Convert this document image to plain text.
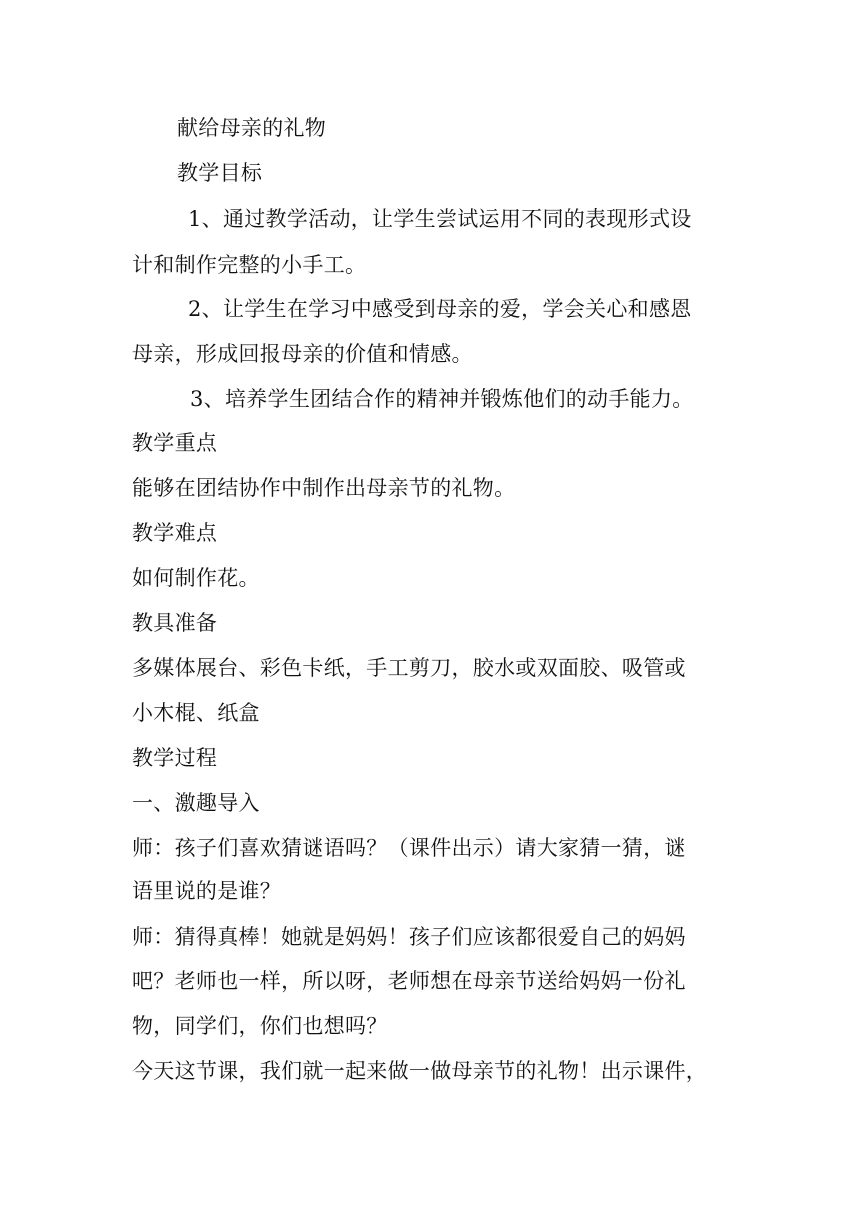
献给母亲的礼物
教学目标
1、通过教学活动，让学生尝试运用不同的表现形式设
计和制作完整的小手工。
2、让学生在学习中感受到母亲的爱，学会关心和感恩
母亲，形成回报母亲的价值和情感。
3、培养学生团结合作的精神并锻炼他们的动手能力。
教学重点
能够在团结协作中制作出母亲节的礼物。
教学难点
如何制作花。
教具准备
多媒体展台、彩色卡纸，手工剪刀，胶水或双面胶、吸管或
小木棍、纸盒
教学过程
一、激趣导入
师：孩子们喜欢猜谜语吗？（课件出示）请大家猜一猜，谜
语里说的是谁？
师：猜得真棒！她就是妈妈！孩子们应该都很爱自己的妈妈
吧？老师也一样，所以呀，老师想在母亲节送给妈妈一份礼
物，同学们，你们也想吗？
今天这节课，我们就一起来做一做母亲节的礼物！出示课件，
